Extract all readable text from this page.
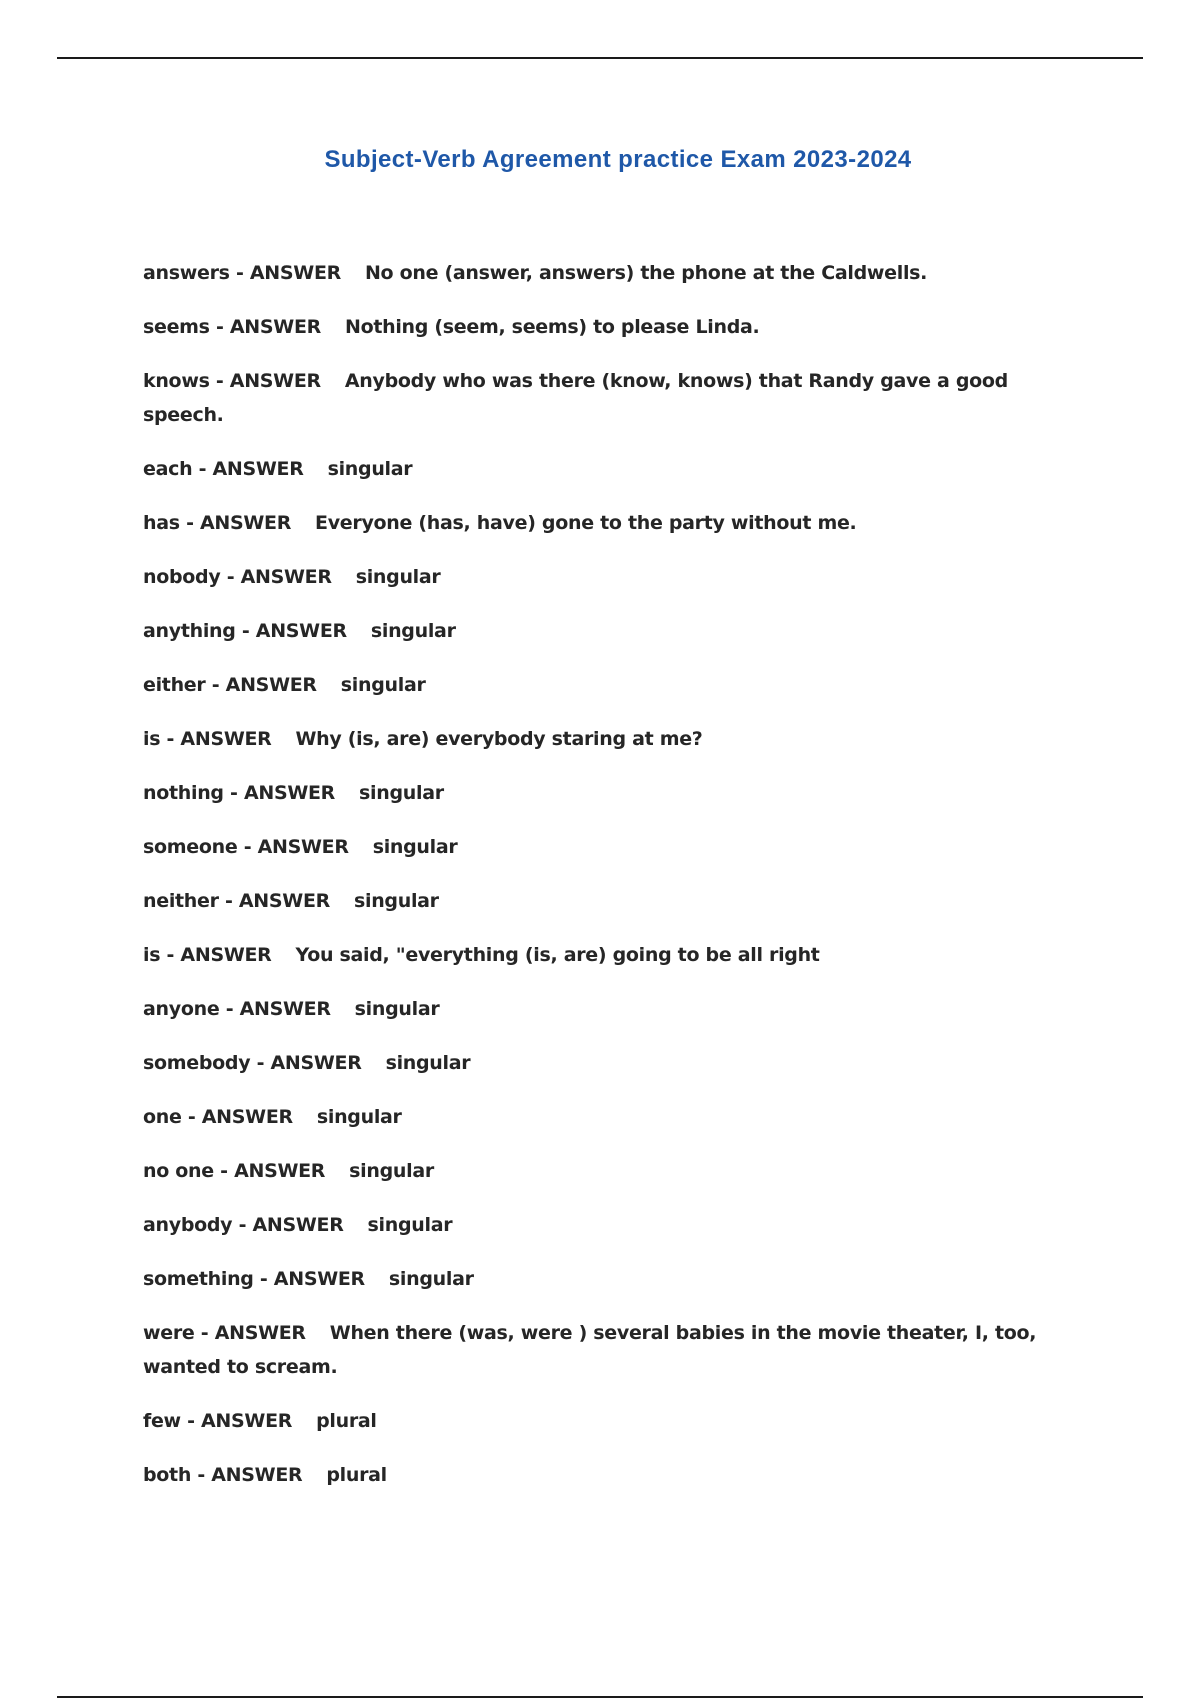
Subject-Verb Agreement practice Exam 2023-2024
answers - ANSWER No one (answer, answers) the phone at the Caldwells.
seems - ANSWER Nothing (seem, seems) to please Linda.
knows - ANSWER Anybody who was there (know, knows) that Randy gave a good speech.
each - ANSWER singular
has - ANSWER Everyone (has, have) gone to the party without me.
nobody - ANSWER singular
anything - ANSWER singular
either - ANSWER singular
is - ANSWER Why (is, are) everybody staring at me?
nothing - ANSWER singular
someone - ANSWER singular
neither - ANSWER singular
is - ANSWER You said, "everything (is, are) going to be all right
anyone - ANSWER singular
somebody - ANSWER singular
one - ANSWER singular
no one - ANSWER singular
anybody - ANSWER singular
something - ANSWER singular
were - ANSWER When there (was, were ) several babies in the movie theater, I, too, wanted to scream.
few - ANSWER plural
both - ANSWER plural
